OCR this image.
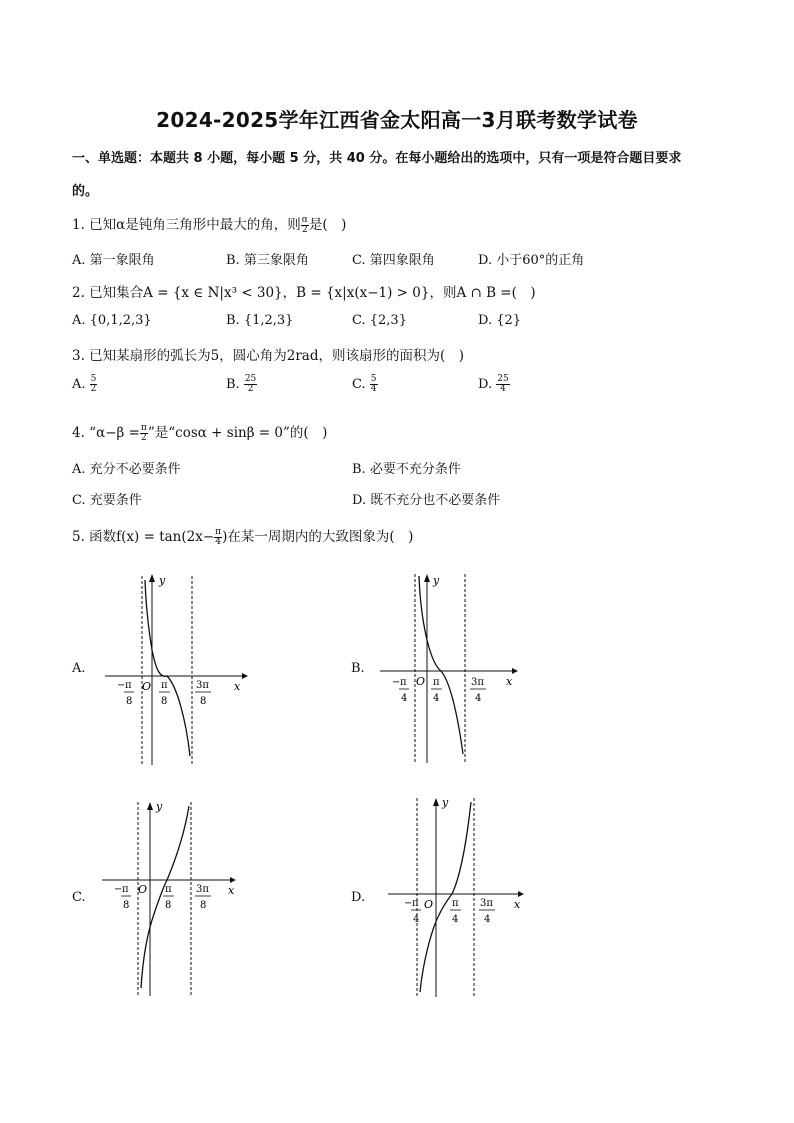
2024-2025学年江西省金太阳高一3月联考数学试卷
一、单选题：本题共 8 小题，每小题 5 分，共 40 分。在每小题给出的选项中，只有一项是符合题目要求
的。
1. 已知α是钝角三角形中最大的角，则 $\frac{\alpha}{2}$ 是(　)
A. 第一象限角	B. 第三象限角	C. 第四象限角	D. 小于60°的正角
2. 已知集合A = {x ∈ N|x³ < 30}，B = {x|x(x−1) > 0}，则A ∩ B =(　)
A. {0,1,2,3}	B. {1,2,3}	C. {2,3}	D. {2}
3. 已知某扇形的弧长为5，圆心角为2rad，则该扇形的面积为(　)
A. $\frac{5}{2}$	B. $\frac{25}{2}$	C. $\frac{5}{4}$	D. $\frac{25}{4}$
4. “$\alpha-\beta = \frac{\pi}{2}$ ”是“cosα + sinβ = 0”的(　)
A. 充分不必要条件	B. 必要不充分条件
C. 充要条件	D. 既不充分也不必要条件
5. 函数$f(x) = \tan(2x- \frac{\pi}{4}$ )在某一周期内的大致图象为(　)
A.	B.
C.	D.
y
x
O
− π
8
π
8
3π
8
y
x
O
− π
4
π
4
3π
4
y
x
O
− π
8
π
8
3π
8
y
x
O
− π
4
π
4
3π
4
